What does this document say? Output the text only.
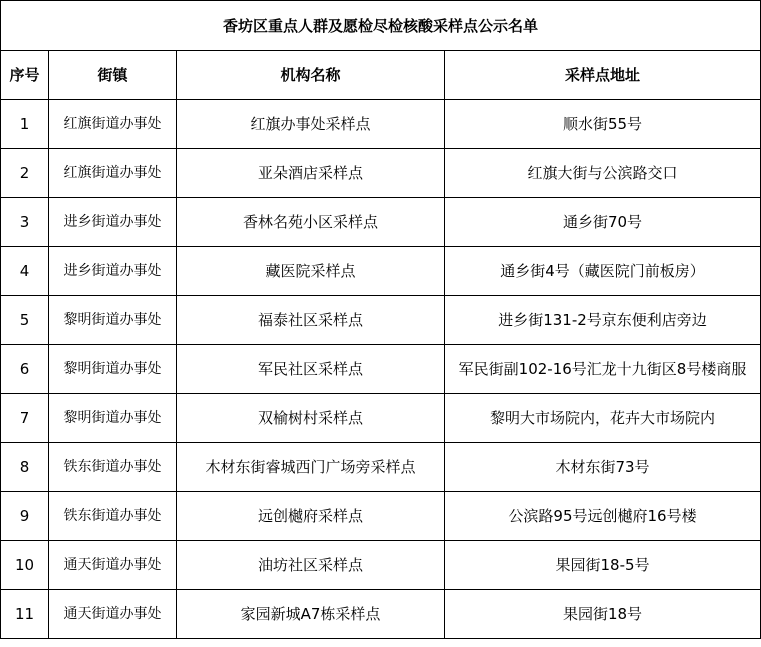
香坊区重点人群及愿检尽检核酸采样点公示名单			
序号	街镇	机构名称	采样点地址
1	红旗街道办事处	红旗办事处采样点	顺水街55号
2	红旗街道办事处	亚朵酒店采样点	红旗大街与公滨路交口
3	进乡街道办事处	香林名苑小区采样点	通乡街70号
4	进乡街道办事处	藏医院采样点	通乡街4号（藏医院门前板房）
5	黎明街道办事处	福泰社区采样点	进乡街131-2号京东便利店旁边
6	黎明街道办事处	军民社区采样点	军民街副102-16号汇龙十九街区8号楼商服
7	黎明街道办事处	双榆树村采样点	黎明大市场院内，花卉大市场院内
8	铁东街道办事处	木材东街睿城西门广场旁采样点	木材东街73号
9	铁东街道办事处	远创樾府采样点	公滨路95号远创樾府16号楼
10	通天街道办事处	油坊社区采样点	果园街18-5号
11	通天街道办事处	家园新城A7栋采样点	果园街18号
